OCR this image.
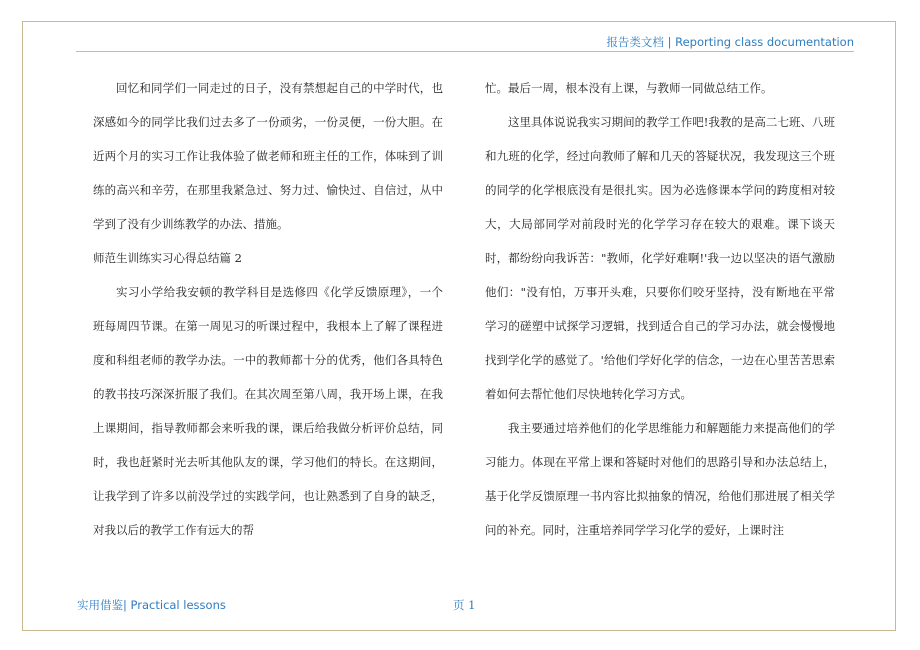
报告类文档 | Reporting class documentation

回忆和同学们一同走过的日子，没有禁想起自己的中学时代，也深感如今的同学比我们过去多了一份顽劣，一份灵便，一份大胆。在近两个月的实习工作让我体验了做老师和班主任的工作，体味到了训练的高兴和辛劳，在那里我紧急过、努力过、愉快过、自信过，从中学到了没有少训练教学的办法、措施。

师范生训练实习心得总结篇 2

实习小学给我安顿的教学科目是选修四《化学反馈原理》，一个班每周四节课。在第一周见习的听课过程中，我根本上了解了课程进度和科组老师的教学办法。一中的教师都十分的优秀，他们各具特色的教书技巧深深折服了我们。在其次周至第八周，我开场上课，在我上课期间，指导教师都会来听我的课，课后给我做分析评价总结，同时，我也赶紧时光去听其他队友的课，学习他们的特长。在这期间，让我学到了许多以前没学过的实践学问，也让熟悉到了自身的缺乏，对我以后的教学工作有远大的帮

忙。最后一周，根本没有上课，与教师一同做总结工作。

这里具体说说我实习期间的教学工作吧!我教的是高二七班、八班和九班的化学，经过向教师了解和几天的答疑状况，我发现这三个班的同学的化学根底没有是很扎实。因为必选修课本学问的跨度相对较大，大局部同学对前段时光的化学学习存在较大的艰难。课下谈天时，都纷纷向我诉苦："教师，化学好难啊!'我一边以坚决的语气激励他们："没有怕，万事开头难，只要你们咬牙坚持，没有断地在平常学习的磋塑中试探学习逻辑，找到适合自己的学习办法，就会慢慢地找到学化学的感觉了。'给他们学好化学的信念，一边在心里苦苦思索着如何去帮忙他们尽快地转化学习方式。

我主要通过培养他们的化学思维能力和解题能力来提高他们的学习能力。体现在平常上课和答疑时对他们的思路引导和办法总结上，基于化学反馈原理一书内容比拟抽象的情况，给他们那进展了相关学问的补充。同时，注重培养同学学习化学的爱好，上课时注

实用借鉴| Practical lessons	页 1
